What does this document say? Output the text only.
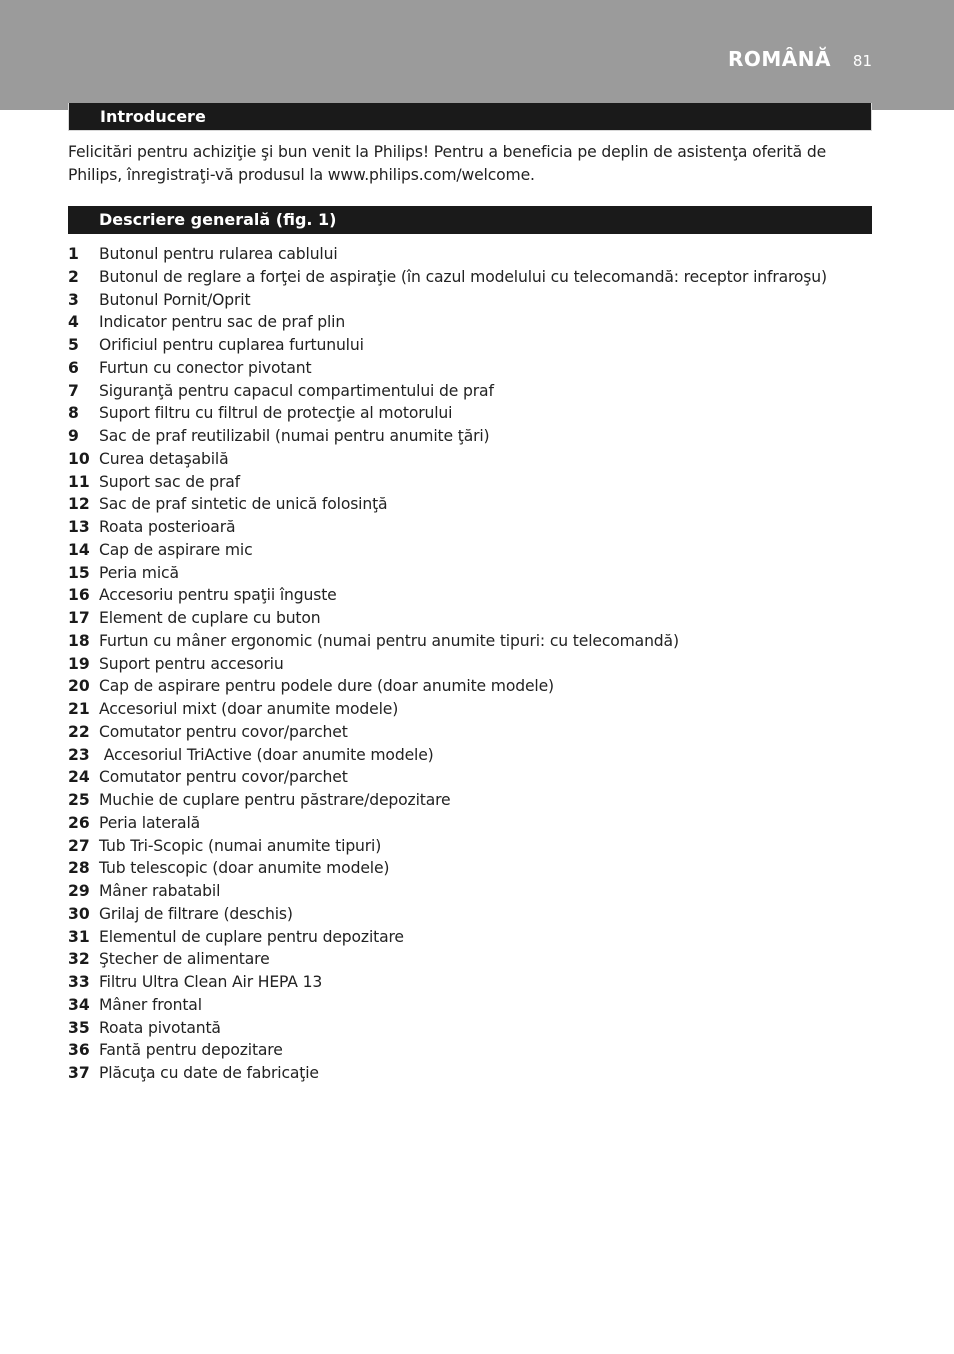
ROMÂNĂ 81
Introducere
Felicitări pentru achiziţie şi bun venit la Philips! Pentru a beneficia pe deplin de asistenţa oferită de Philips, înregistraţi-vă produsul la www.philips.com/welcome.
Descriere generală (fig. 1)
1 Butonul pentru rularea cablului
2 Butonul de reglare a forţei de aspiraţie (în cazul modelului cu telecomandă: receptor infraroşu)
3 Butonul Pornit/Oprit
4 Indicator pentru sac de praf plin
5 Orificiul pentru cuplarea furtunului
6 Furtun cu conector pivotant
7 Siguranţă pentru capacul compartimentului de praf
8 Suport filtru cu filtrul de protecţie al motorului
9 Sac de praf reutilizabil (numai pentru anumite ţări)
10 Curea detaşabilă
11 Suport sac de praf
12 Sac de praf sintetic de unică folosinţă
13 Roata posterioară
14 Cap de aspirare mic
15 Peria mică
16 Accesoriu pentru spaţii înguste
17 Element de cuplare cu buton
18 Furtun cu mâner ergonomic (numai pentru anumite tipuri: cu telecomandă)
19 Suport pentru accesoriu
20 Cap de aspirare pentru podele dure (doar anumite modele)
21 Accesoriul mixt (doar anumite modele)
22 Comutator pentru covor/parchet
23 Accesoriul TriActive (doar anumite modele)
24 Comutator pentru covor/parchet
25 Muchie de cuplare pentru păstrare/depozitare
26 Peria laterală
27 Tub Tri-Scopic (numai anumite tipuri)
28 Tub telescopic (doar anumite modele)
29 Mâner rabatabil
30 Grilaj de filtrare (deschis)
31 Elementul de cuplare pentru depozitare
32 Ştecher de alimentare
33 Filtru Ultra Clean Air HEPA 13
34 Mâner frontal
35 Roata pivotantă
36 Fantă pentru depozitare
37 Plăcuţa cu date de fabricaţie
